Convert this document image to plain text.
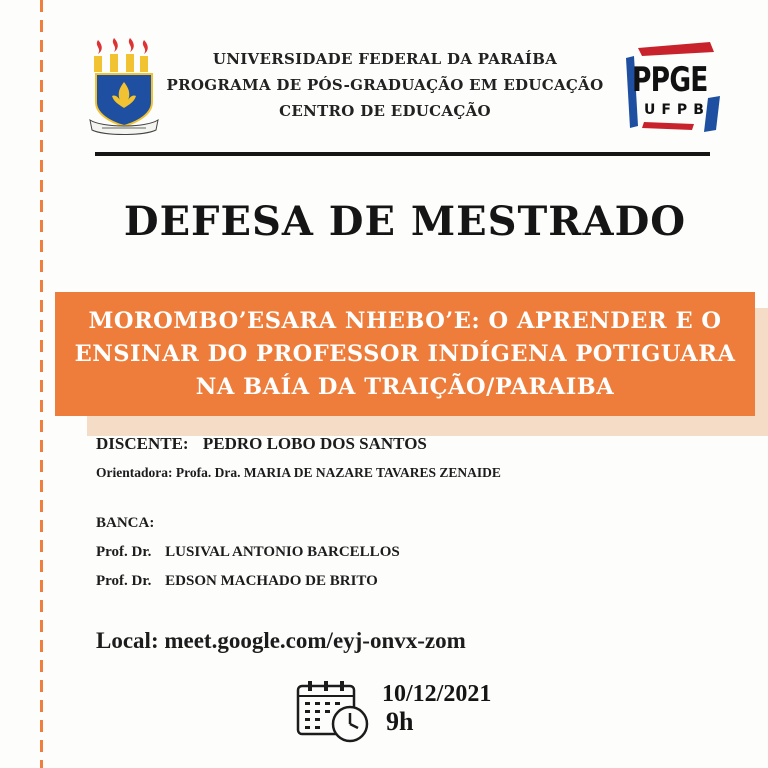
UNIVERSIDADE FEDERAL DA PARAÍBA
PROGRAMA DE PÓS-GRADUAÇÃO EM EDUCAÇÃO
CENTRO DE EDUCAÇÃO
PPGE
UFPB
DEFESA DE MESTRADO
MOROMBO’ESARA NHEBO’E: O APRENDER E O
ENSINAR DO PROFESSOR INDÍGENA POTIGUARA
NA BAÍA DA TRAIÇÃO/PARAIBA
DISCENTE: PEDRO LOBO DOS SANTOS
Orientadora: Profa. Dra. MARIA DE NAZARE TAVARES ZENAIDE
BANCA:
Prof. Dr. LUSIVAL ANTONIO BARCELLOS
Prof. Dr. EDSON MACHADO DE BRITO
Local: meet.google.com/eyj-onvx-zom
10/12/2021
9h
